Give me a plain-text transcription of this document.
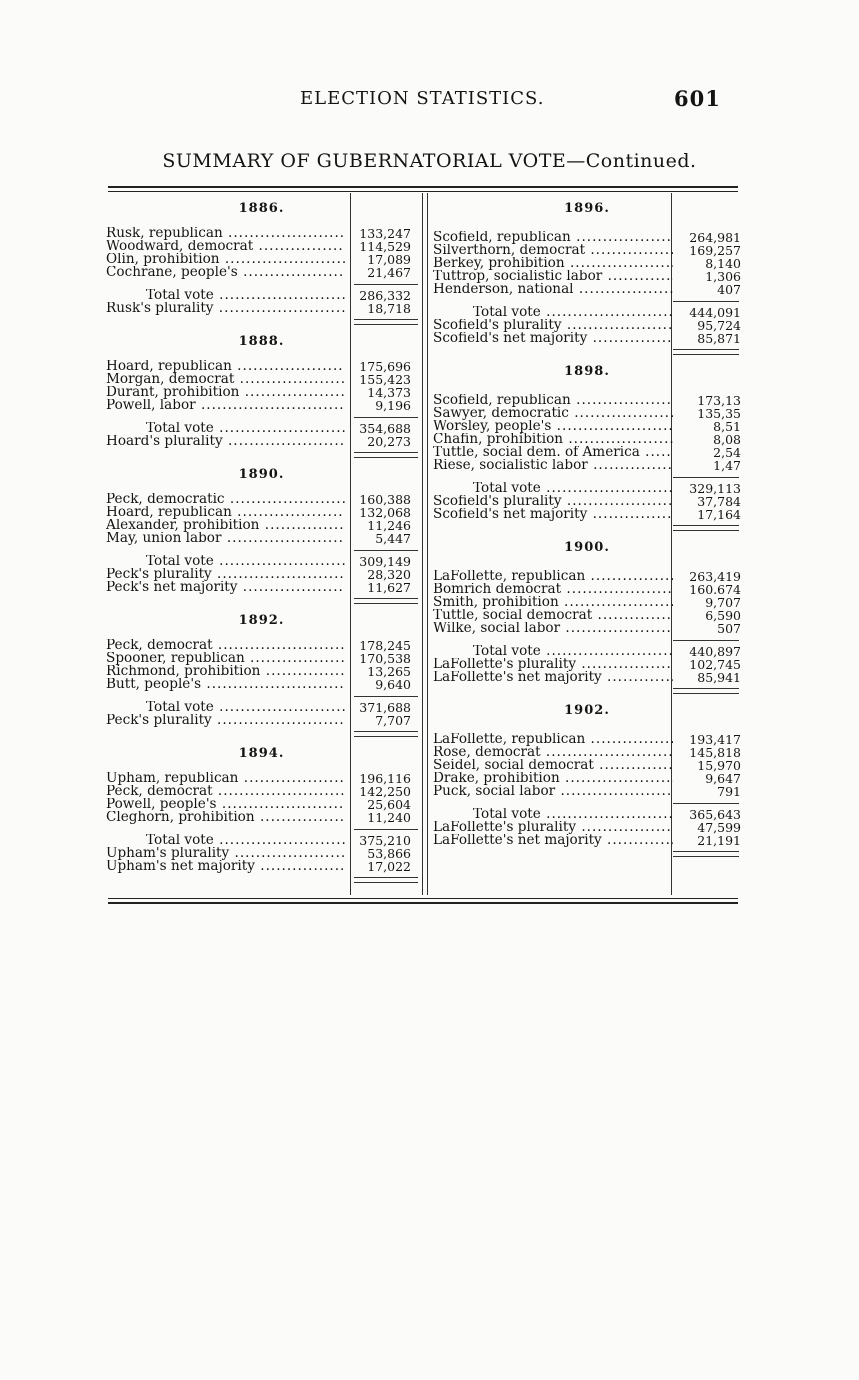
ELECTION STATISTICS.	601
SUMMARY OF GUBERNATORIAL VOTE—Continued.
1886.
Rusk, republican .....	133,247
Woodward, democrat .....	114,529
Olin, prohibition .....	17,089
Cochrane, people's .....	21,467
Total vote .....	286,332
Rusk's plurality .....	18,718
1888.
Hoard, republican .....	175,696
Morgan, democrat .....	155,423
Durant, prohibition .....	14,373
Powell, labor .....	9,196
Total vote .....	354,688
Hoard's plurality .....	20,273
1890.
Peck, democratic .....	160,388
Hoard, republican .....	132,068
Alexander, prohibition .....	11,246
May, union labor .....	5,447
Total vote .....	309,149
Peck's plurality .....	28,320
Peck's net majority .....	11,627
1892.
Peck, democrat .....	178,245
Spooner, republican .....	170,538
Richmond, prohibition .....	13,265
Butt, people's .....	9,640
Total vote .....	371,688
Peck's plurality .....	7,707
1894.
Upham, republican .....	196,116
Peck, democrat .....	142,250
Powell, people's .....	25,604
Cleghorn, prohibition .....	11,240
Total vote .....	375,210
Upham's plurality .....	53,866
Upham's net majority .....	17,022
1896.
Scofield, republican .....	264,981
Silverthorn, democrat .....	169,257
Berkey, prohibition .....	8,140
Tuttrop, socialistic labor .....	1,306
Henderson, national .....	407
Total vote .....	444,091
Scofield's plurality .....	95,724
Scofield's net majority .....	85,871
1898.
Scofield, republican .....	173,13
Sawyer, democratic .....	135,35
Worsley, people's .....	8,51
Chafin, prohibition .....	8,08
Tuttle, social dem. of America .....	2,54
Riese, socialistic labor .....	1,47
Total vote .....	329,113
Scofield's plurality .....	37,784
Scofield's net majority .....	17,164
1900.
LaFollette, republican .....	263,419
Bomrich democrat .....	160.674
Smith, prohibition .....	9,707
Tuttle, social democrat .....	6,590
Wilke, social labor .....	507
Total vote .....	440,897
LaFollette's plurality .....	102,745
LaFollette's net majority .....	85,941
1902.
LaFollette, republican .....	193,417
Rose, democrat .....	145,818
Seidel, social democrat .....	15,970
Drake, prohibition .....	9,647
Puck, social labor .....	791
Total vote .....	365,643
LaFollette's plurality .....	47,599
LaFollette's net majority .....	21,191
